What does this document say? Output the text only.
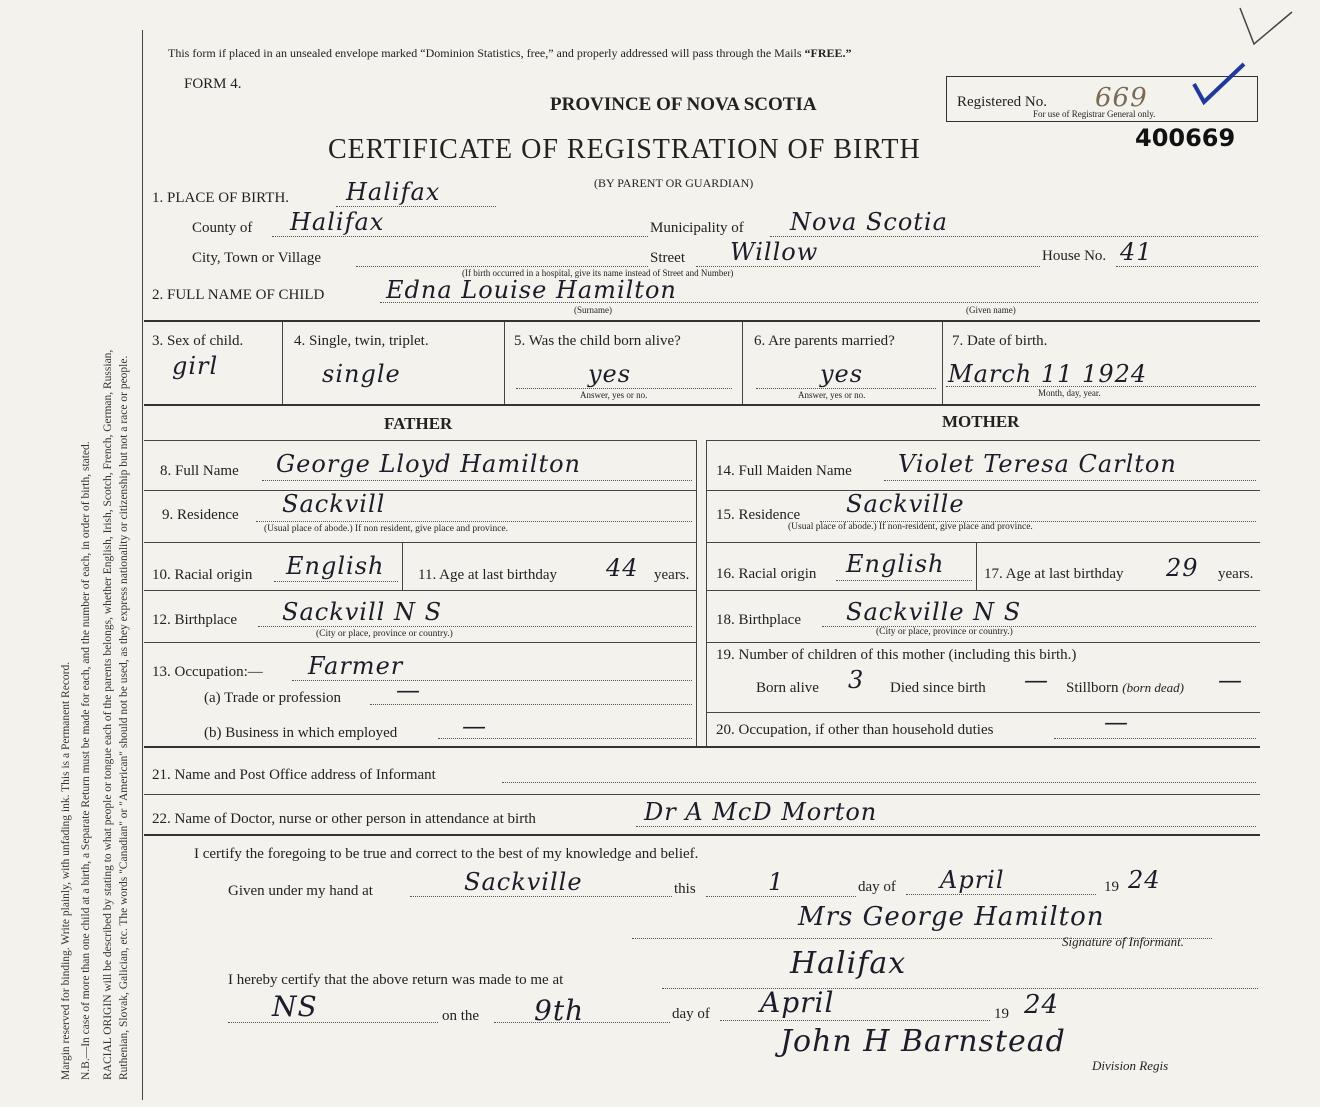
Margin reserved for binding. Write plainly, with unfading ink. This is a Permanent Record. N.B.—In case of more than one child at a birth, a Separate Return must be made for each, and the number of each, in order of birth, stated. RACIAL ORIGIN will be described by stating to what people or tongue each of the parents belongs, whether English, Irish, Scotch, French, German, Russian, Ruthenian, Slovak, Galician, etc. The words "Canadian" or "American" should not be used, as they express nationality or citizenship but not a race or people.
This form if placed in an unsealed envelope marked “Dominion Statistics, free,” and properly addressed will pass through the Mails “FREE.”
FORM 4.
PROVINCE OF NOVA SCOTIA
CERTIFICATE OF REGISTRATION OF BIRTH
(BY PARENT OR GUARDIAN)
Registered No. 669
For use of Registrar General only.
400669
1. PLACE OF BIRTH. Halifax
County of Halifax	Municipality of Nova Scotia
City, Town or Village	Street Willow	House No. 41
(If birth occurred in a hospital, give its name instead of Street and Number)
2. FULL NAME OF CHILD	Edna Louise Hamilton
(Surname)	(Given name)
3. Sex of child.
girl
4. Single, twin, triplet.
single
5. Was the child born alive?
yes
Answer, yes or no.
6. Are parents married?
yes
Answer, yes or no.
7. Date of birth.
March 11 1924
Month, day, year.
FATHER	MOTHER
8. Full Name George Lloyd Hamilton
9. Residence Sackvill
(Usual place of abode.) If non resident, give place and province.
10. Racial origin English 11. Age at last birthday 44 years.
12. Birthplace Sackvill N S
(City or place, province or country.)
13. Occupation:— Farmer
(a) Trade or profession —
(b) Business in which employed	—
14. Full Maiden Name Violet Teresa Carlton
15. Residence Sackville
(Usual place of abode.) If non-resident, give place and province.
16. Racial origin English	17. Age at last birthday 29 years.
18. Birthplace Sackville N S
(City or place, province or country.)
19. Number of children of this mother (including this birth.)
Born alive 3 Died since birth — Stillborn (born dead) —
20. Occupation, if other than household duties	—
21. Name and Post Office address of Informant
22. Name of Doctor, nurse or other person in attendance at birth	Dr A McD Morton
I certify the foregoing to be true and correct to the best of my knowledge and belief.
Given under my hand at	Sackville	this	1	day of April	19 24
Mrs George Hamilton
Signature of Informant.
I hereby certify that the above return was made to me at	Halifax
NS	on the 9th	day of April	19 24
John H Barnstead
Division Regis
